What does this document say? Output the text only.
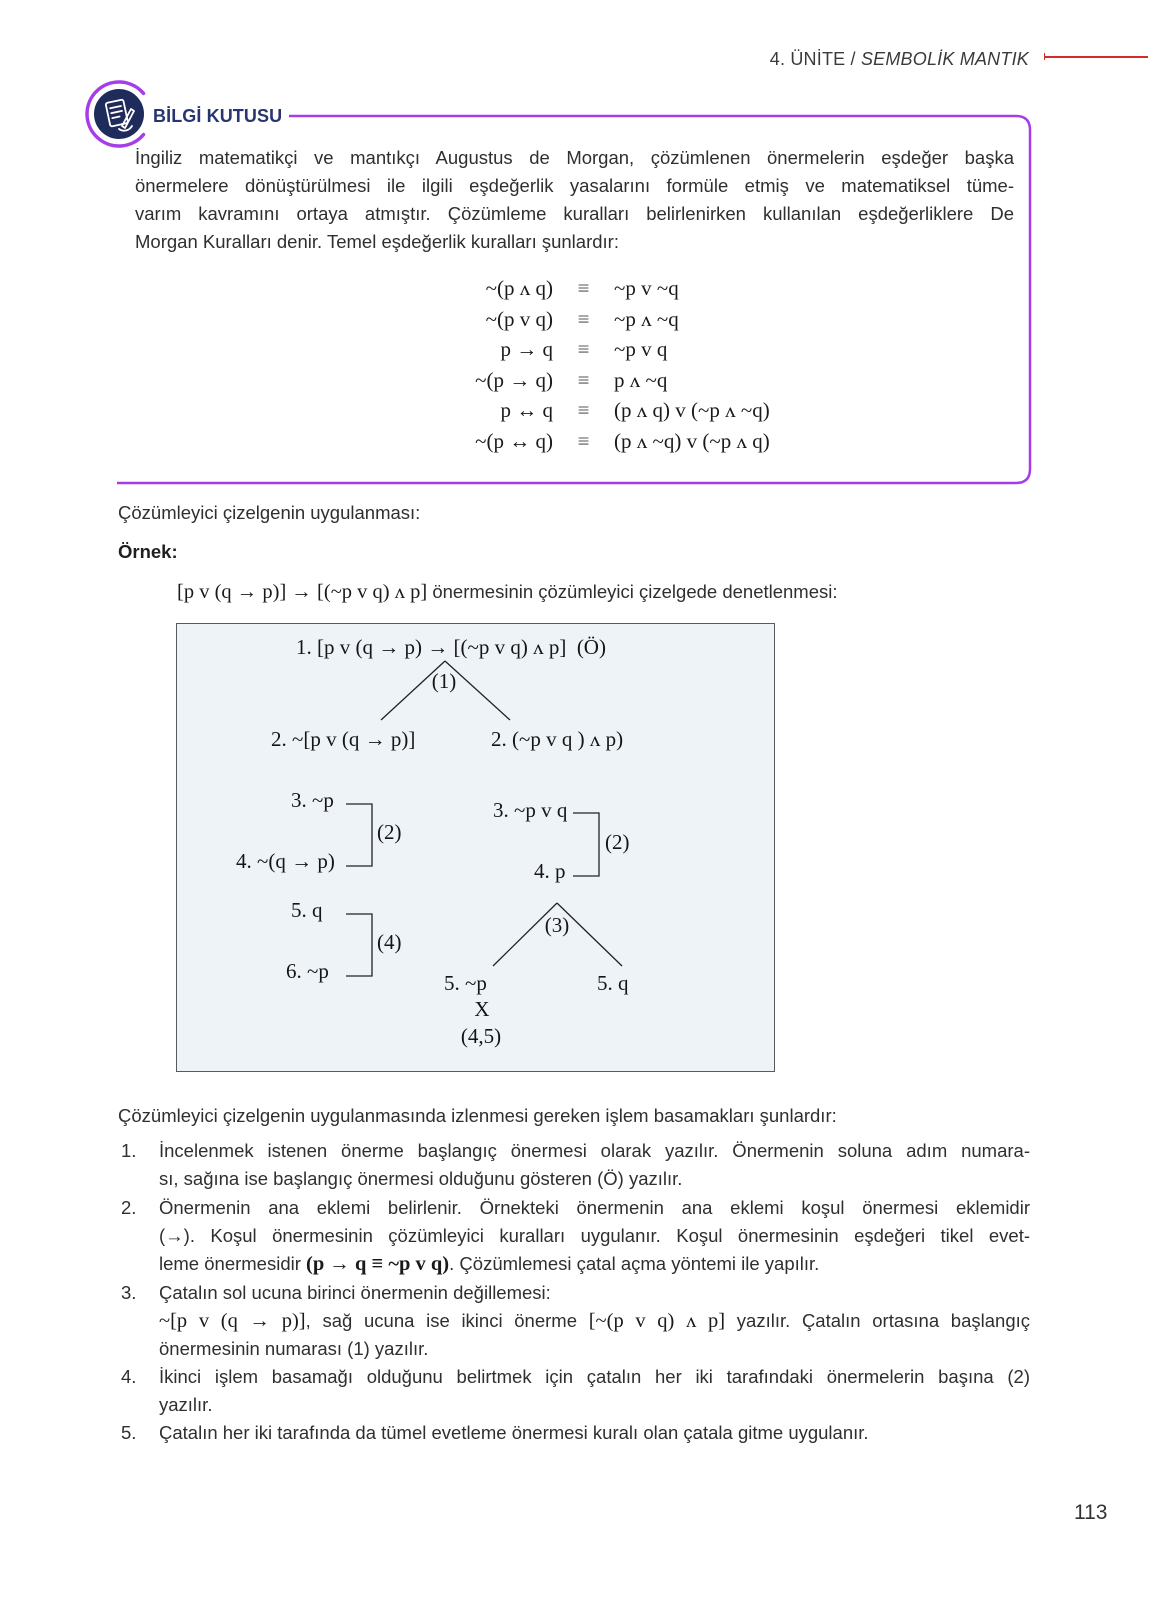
4. ÜNİTE / SEMBOLİK MANTIK
BİLGİ KUTUSU
İngiliz matematikçi ve mantıkçı Augustus de Morgan, çözümlenen önermelerin eşdeğer başka
önermelere dönüştürülmesi ile ilgili eşdeğerlik yasalarını formüle etmiş ve matematiksel tüme-
varım kavramını ortaya atmıştır. Çözümleme kuralları belirlenirken kullanılan eşdeğerliklere De
Morgan Kuralları denir. Temel eşdeğerlik kuralları şunlardır:
~(p ʌ q)	≡	~p v ~q
~(p v q)	≡	~p ʌ ~q
p → q	≡	~p v q
~(p → q)	≡	p ʌ ~q
p ↔ q	≡	(p ʌ q) v (~p ʌ ~q)
~(p ↔ q)	≡	(p ʌ ~q) v (~p ʌ q)
Çözümleyici çizelgenin uygulanması:
Örnek:
[p v (q → p)] → [(~p v q) ʌ p] önermesinin çözümleyici çizelgede denetlenmesi:
1. [p v (q → p) → [(~p v q) ʌ p]  (Ö)
(1)
2. ~[p v (q → p)]	2. (~p v q ) ʌ p)
3. ~p
(2)
4. ~(q → p)
3. ~p v q
(2)
4. p
5. q
(4)
6. ~p
(3)
5. ~p
X
(4,5)
5. q
Çözümleyici çizelgenin uygulanmasında izlenmesi gereken işlem basamakları şunlardır:
1. İncelenmek istenen önerme başlangıç önermesi olarak yazılır. Önermenin soluna adım numara-
sı, sağına ise başlangıç önermesi olduğunu gösteren (Ö) yazılır.
2. Önermenin ana eklemi belirlenir. Örnekteki önermenin ana eklemi koşul önermesi eklemidir
(→). Koşul önermesinin çözümleyici kuralları uygulanır. Koşul önermesinin eşdeğeri tikel evet-
leme önermesidir (p → q ≡ ~p v q). Çözümlemesi çatal açma yöntemi ile yapılır.
3. Çatalın sol ucuna birinci önermenin değillemesi:
~[p v (q → p)], sağ ucuna ise ikinci önerme [~(p v q) ʌ p] yazılır. Çatalın ortasına başlangıç
önermesinin numarası (1) yazılır.
4. İkinci işlem basamağı olduğunu belirtmek için çatalın her iki tarafındaki önermelerin başına (2)
yazılır.
5. Çatalın her iki tarafında da tümel evetleme önermesi kuralı olan çatala gitme uygulanır.
113
